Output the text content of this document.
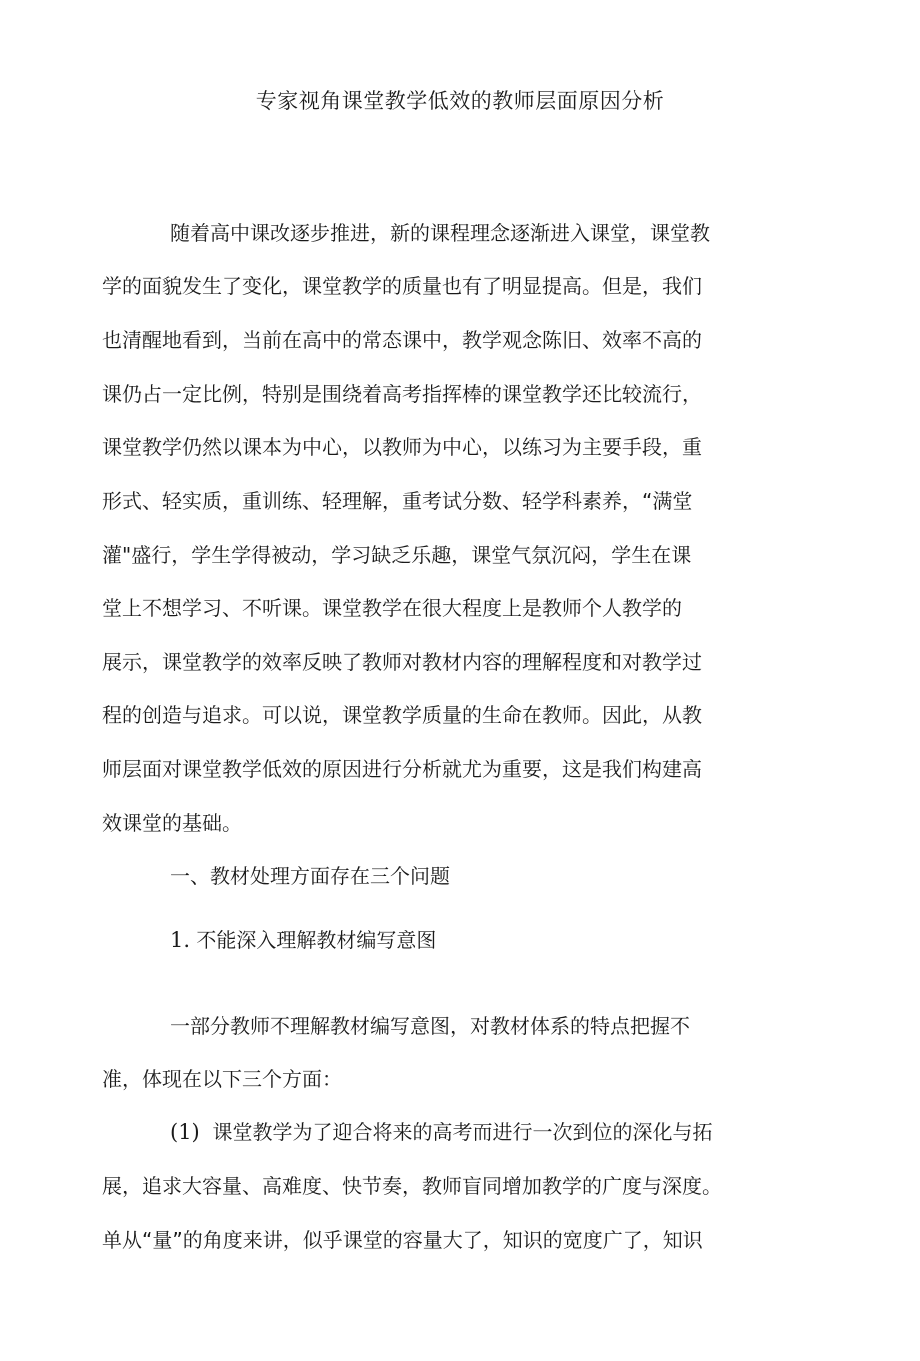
专家视角课堂教学低效的教师层面原因分析

随着高中课改逐步推进，新的课程理念逐渐进入课堂，课堂教

学的面貌发生了变化，课堂教学的质量也有了明显提高。但是，我们

也清醒地看到，当前在高中的常态课中，教学观念陈旧、效率不高的

课仍占一定比例，特别是围绕着高考指挥棒的课堂教学还比较流行，

课堂教学仍然以课本为中心，以教师为中心，以练习为主要手段，重

形式、轻实质，重训练、轻理解，重考试分数、轻学科素养，“满堂

灌"盛行，学生学得被动，学习缺乏乐趣，课堂气氛沉闷，学生在课

堂上不想学习、不听课。课堂教学在很大程度上是教师个人教学的

展示，课堂教学的效率反映了教师对教材内容的理解程度和对教学过

程的创造与追求。可以说，课堂教学质量的生命在教师。因此，从教

师层面对课堂教学低效的原因进行分析就尤为重要，这是我们构建高

效课堂的基础。

一、教材处理方面存在三个问题

1. 不能深入理解教材编写意图

一部分教师不理解教材编写意图，对教材体系的特点把握不

准，体现在以下三个方面：

(1) 课堂教学为了迎合将来的高考而进行一次到位的深化与拓

展，追求大容量、高难度、快节奏，教师盲同增加教学的广度与深度。

单从“量”的角度来讲，似乎课堂的容量大了，知识的宽度广了，知识
